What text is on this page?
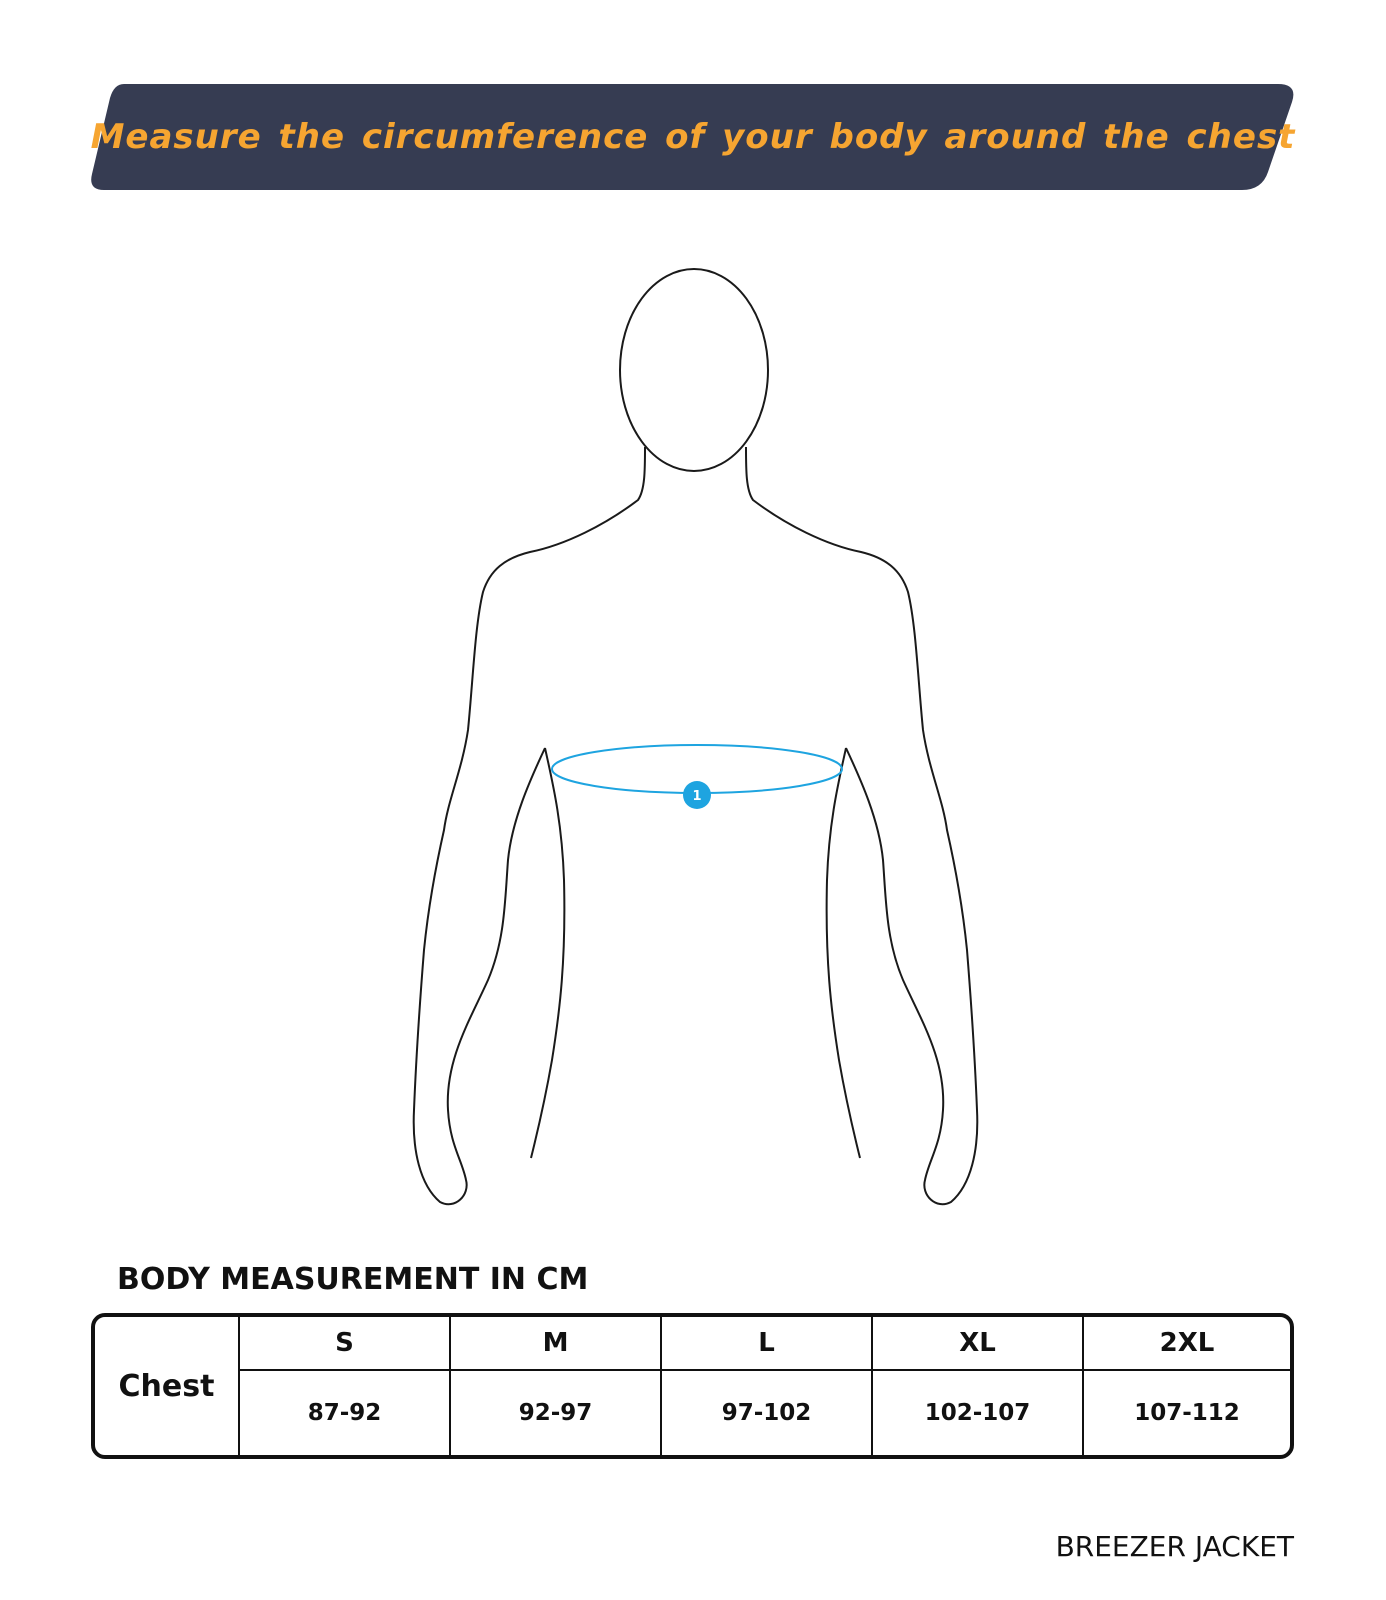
Measure the circumference of your body around the chest
1
BODY MEASUREMENT IN CM
Chest
S	M	L	XL	2XL
87-92	92-97	97-102	102-107	107-112
BREEZER JACKET
